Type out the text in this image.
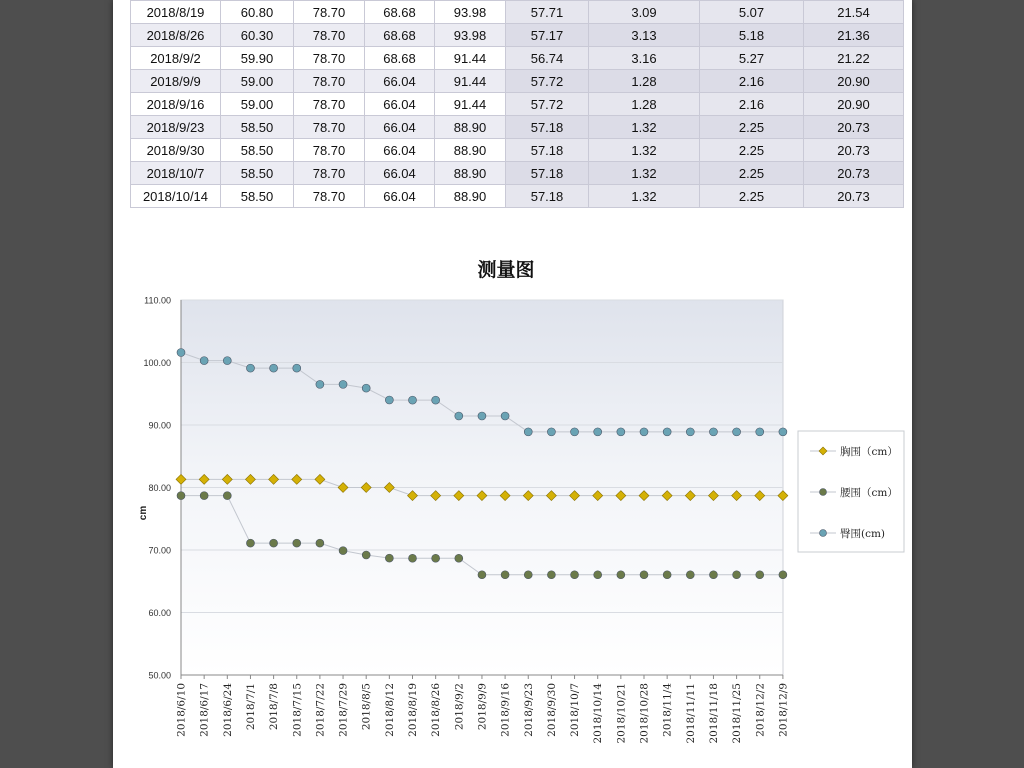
2018/8/19	60.80	78.70	68.68	93.98	57.71	3.09	5.07	21.54
2018/8/26	60.30	78.70	68.68	93.98	57.17	3.13	5.18	21.36
2018/9/2	59.90	78.70	68.68	91.44	56.74	3.16	5.27	21.22
2018/9/9	59.00	78.70	66.04	91.44	57.72	1.28	2.16	20.90
2018/9/16	59.00	78.70	66.04	91.44	57.72	1.28	2.16	20.90
2018/9/23	58.50	78.70	66.04	88.90	57.18	1.32	2.25	20.73
2018/9/30	58.50	78.70	66.04	88.90	57.18	1.32	2.25	20.73
2018/10/7	58.50	78.70	66.04	88.90	57.18	1.32	2.25	20.73
2018/10/14	58.50	78.70	66.04	88.90	57.18	1.32	2.25	20.73
测量图
cm
50.00
60.00
70.00
80.00
90.00
100.00
110.00
2018/6/10 2018/6/17 2018/6/24 2018/7/1 2018/7/8 2018/7/15 2018/7/22 2018/7/29 2018/8/5 2018/8/12 2018/8/19 2018/8/26 2018/9/2 2018/9/9 2018/9/16 2018/9/23 2018/9/30 2018/10/7 2018/10/14 2018/10/21 2018/10/28 2018/11/4 2018/11/11 2018/11/18 2018/11/25 2018/12/2 2018/12/9
胸围（cm）
腰围（cm）
臀围(cm)
